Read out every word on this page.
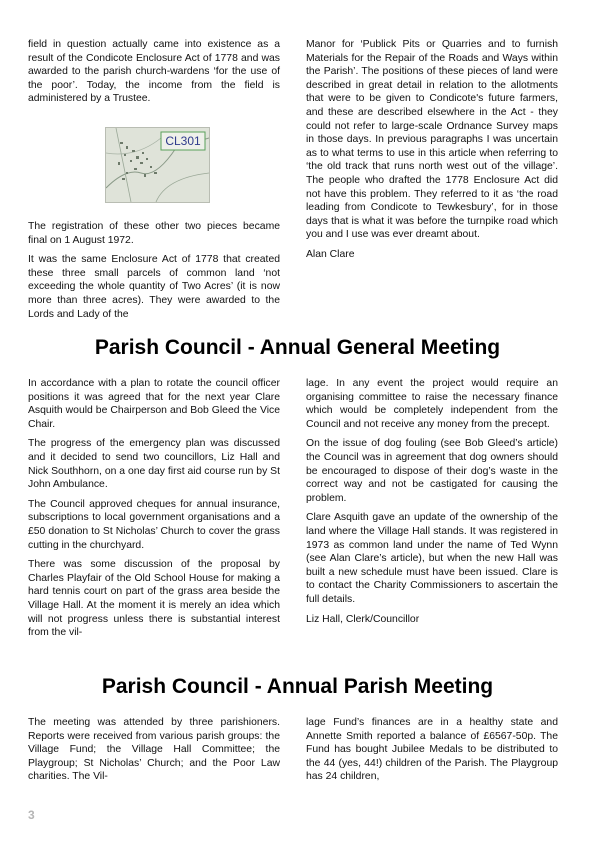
field in question actually came into existence as a result of the Condicote Enclosure Act of 1778 and was awarded to the parish church-wardens ‘for the use of the poor’. Today, the income from the field is administered by a Trustee.

CL301

The registration of these other two pieces became final on 1 August 1972.

It was the same Enclosure Act of 1778 that created these three small parcels of common land ‘not exceeding the whole quantity of Two Acres’ (it is now more than three acres). They were awarded to the Lords and Lady of the

Manor for ‘Publick Pits or Quarries and to furnish Materials for the Repair of the Roads and Ways within the Parish’. The positions of these pieces of land were described in great detail in relation to the allotments that were to be given to Condicote's future farmers, and these are described elsewhere in the Act - they could not refer to large-scale Ordnance Survey maps in those days. In previous paragraphs I was uncertain as to what terms to use in this article when referring to ‘the old track that runs north west out of the village’. The people who drafted the 1778 Enclosure Act did not have this problem. They referred to it as ‘the road leading from Condicote to Tewkesbury’, for in those days that is what it was before the turnpike road which you and I use was ever dreamt about.

Alan Clare

Parish Council - Annual General Meeting

In accordance with a plan to rotate the council officer positions it was agreed that for the next year Clare Asquith would be Chairperson and Bob Gleed the Vice Chair.

The progress of the emergency plan was discussed and it decided to send two councillors, Liz Hall and Nick Southhorn, on a one day first aid course run by St John Ambulance.

The Council approved cheques for annual insurance, subscriptions to local government organisations and a £50 donation to St Nicholas’ Church to cover the grass cutting in the churchyard.

There was some discussion of the proposal by Charles Playfair of the Old School House for making a hard tennis court on part of the grass area beside the Village Hall. At the moment it is merely an idea which will not progress unless there is substantial interest from the vil-

lage. In any event the project would require an organising committee to raise the necessary finance which would be completely independent from the Council and not receive any money from the precept.

On the issue of dog fouling (see Bob Gleed’s article) the Council was in agreement that dog owners should be encouraged to dispose of their dog’s waste in the correct way and not be castigated for causing the problem.

Clare Asquith gave an update of the ownership of the land where the Village Hall stands. It was registered in 1973 as common land under the name of Ted Wynn (see Alan Clare’s article), but when the new Hall was built a new schedule must have been issued. Clare is to contact the Charity Commissioners to ascertain the full details.

Liz Hall, Clerk/Councillor

Parish Council - Annual Parish Meeting

The meeting was attended by three parishioners. Reports were received from various parish groups: the Village Fund; the Village Hall Committee; the Playgroup; St Nicholas’ Church; and the Poor Law charities. The Vil-

lage Fund’s finances are in a healthy state and Annette Smith reported a balance of £6567-50p. The Fund has bought Jubilee Medals to be distributed to the 44 (yes, 44!) children of the Parish. The Playgroup has 24 children,

3
